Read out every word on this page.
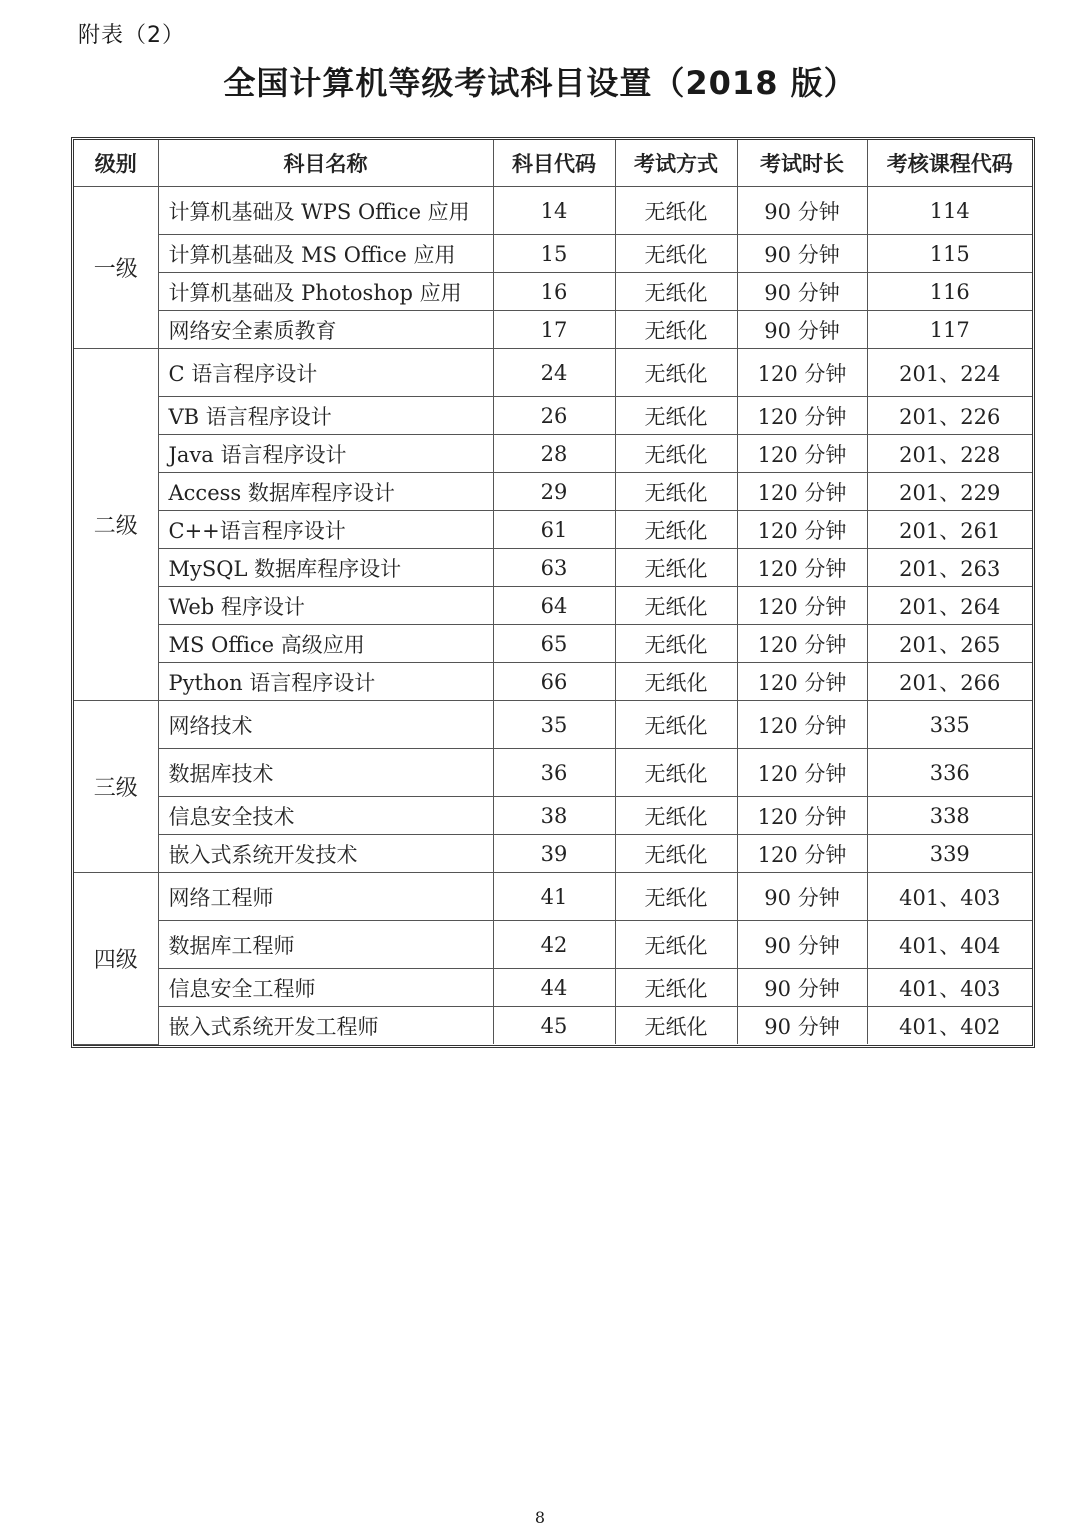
附表（2）
全国计算机等级考试科目设置（2018 版）
级别	科目名称	科目代码	考试方式	考试时长	考核课程代码
一级	计算机基础及 WPS Office 应用	14	无纸化	90 分钟	114
	计算机基础及 MS Office 应用	15	无纸化	90 分钟	115
	计算机基础及 Photoshop 应用	16	无纸化	90 分钟	116
	网络安全素质教育	17	无纸化	90 分钟	117
二级	C 语言程序设计	24	无纸化	120 分钟	201、224
	VB 语言程序设计	26	无纸化	120 分钟	201、226
	Java 语言程序设计	28	无纸化	120 分钟	201、228
	Access 数据库程序设计	29	无纸化	120 分钟	201、229
	C++语言程序设计	61	无纸化	120 分钟	201、261
	MySQL 数据库程序设计	63	无纸化	120 分钟	201、263
	Web 程序设计	64	无纸化	120 分钟	201、264
	MS Office 高级应用	65	无纸化	120 分钟	201、265
	Python 语言程序设计	66	无纸化	120 分钟	201、266
三级	网络技术	35	无纸化	120 分钟	335
	数据库技术	36	无纸化	120 分钟	336
	信息安全技术	38	无纸化	120 分钟	338
	嵌入式系统开发技术	39	无纸化	120 分钟	339
四级	网络工程师	41	无纸化	90 分钟	401、403
	数据库工程师	42	无纸化	90 分钟	401、404
	信息安全工程师	44	无纸化	90 分钟	401、403
	嵌入式系统开发工程师	45	无纸化	90 分钟	401、402
8
